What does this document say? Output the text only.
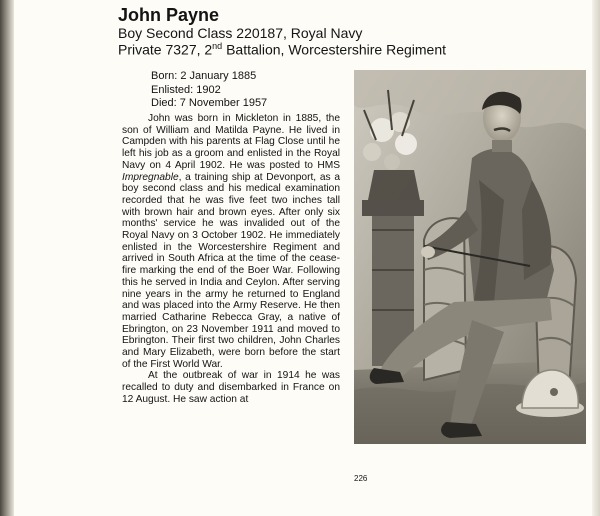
John Payne

Boy Second Class 220187, Royal Navy

Private 7327, 2nd Battalion, Worcestershire Regiment

Born: 2 January 1885
Enlisted: 1902
Died: 7 November 1957

John was born in Mickleton in 1885, the son of William and Matilda Payne. He lived in Campden with his parents at Flag Close until he left his job as a groom and enlisted in the Royal Navy on 4 April 1902. He was posted to HMS Impregnable, a training ship at Devonport, as a boy second class and his medical examination recorded that he was five feet two inches tall with brown hair and brown eyes. After only six months' service he was invalided out of the Royal Navy on 3 October 1902. He immediately enlisted in the Worcestershire Regiment and arrived in South Africa at the time of the cease-fire marking the end of the Boer War. Following this he served in India and Ceylon. After serving nine years in the army he returned to England and was placed into the Army Reserve. He then married Catharine Rebecca Gray, a native of Ebrington, on 23 November 1911 and moved to Ebrington. Their first two children, John Charles and Mary Elizabeth, were born before the start of the First World War.

At the outbreak of war in 1914 he was recalled to duty and disembarked in France on 12 August. He saw action at

226
